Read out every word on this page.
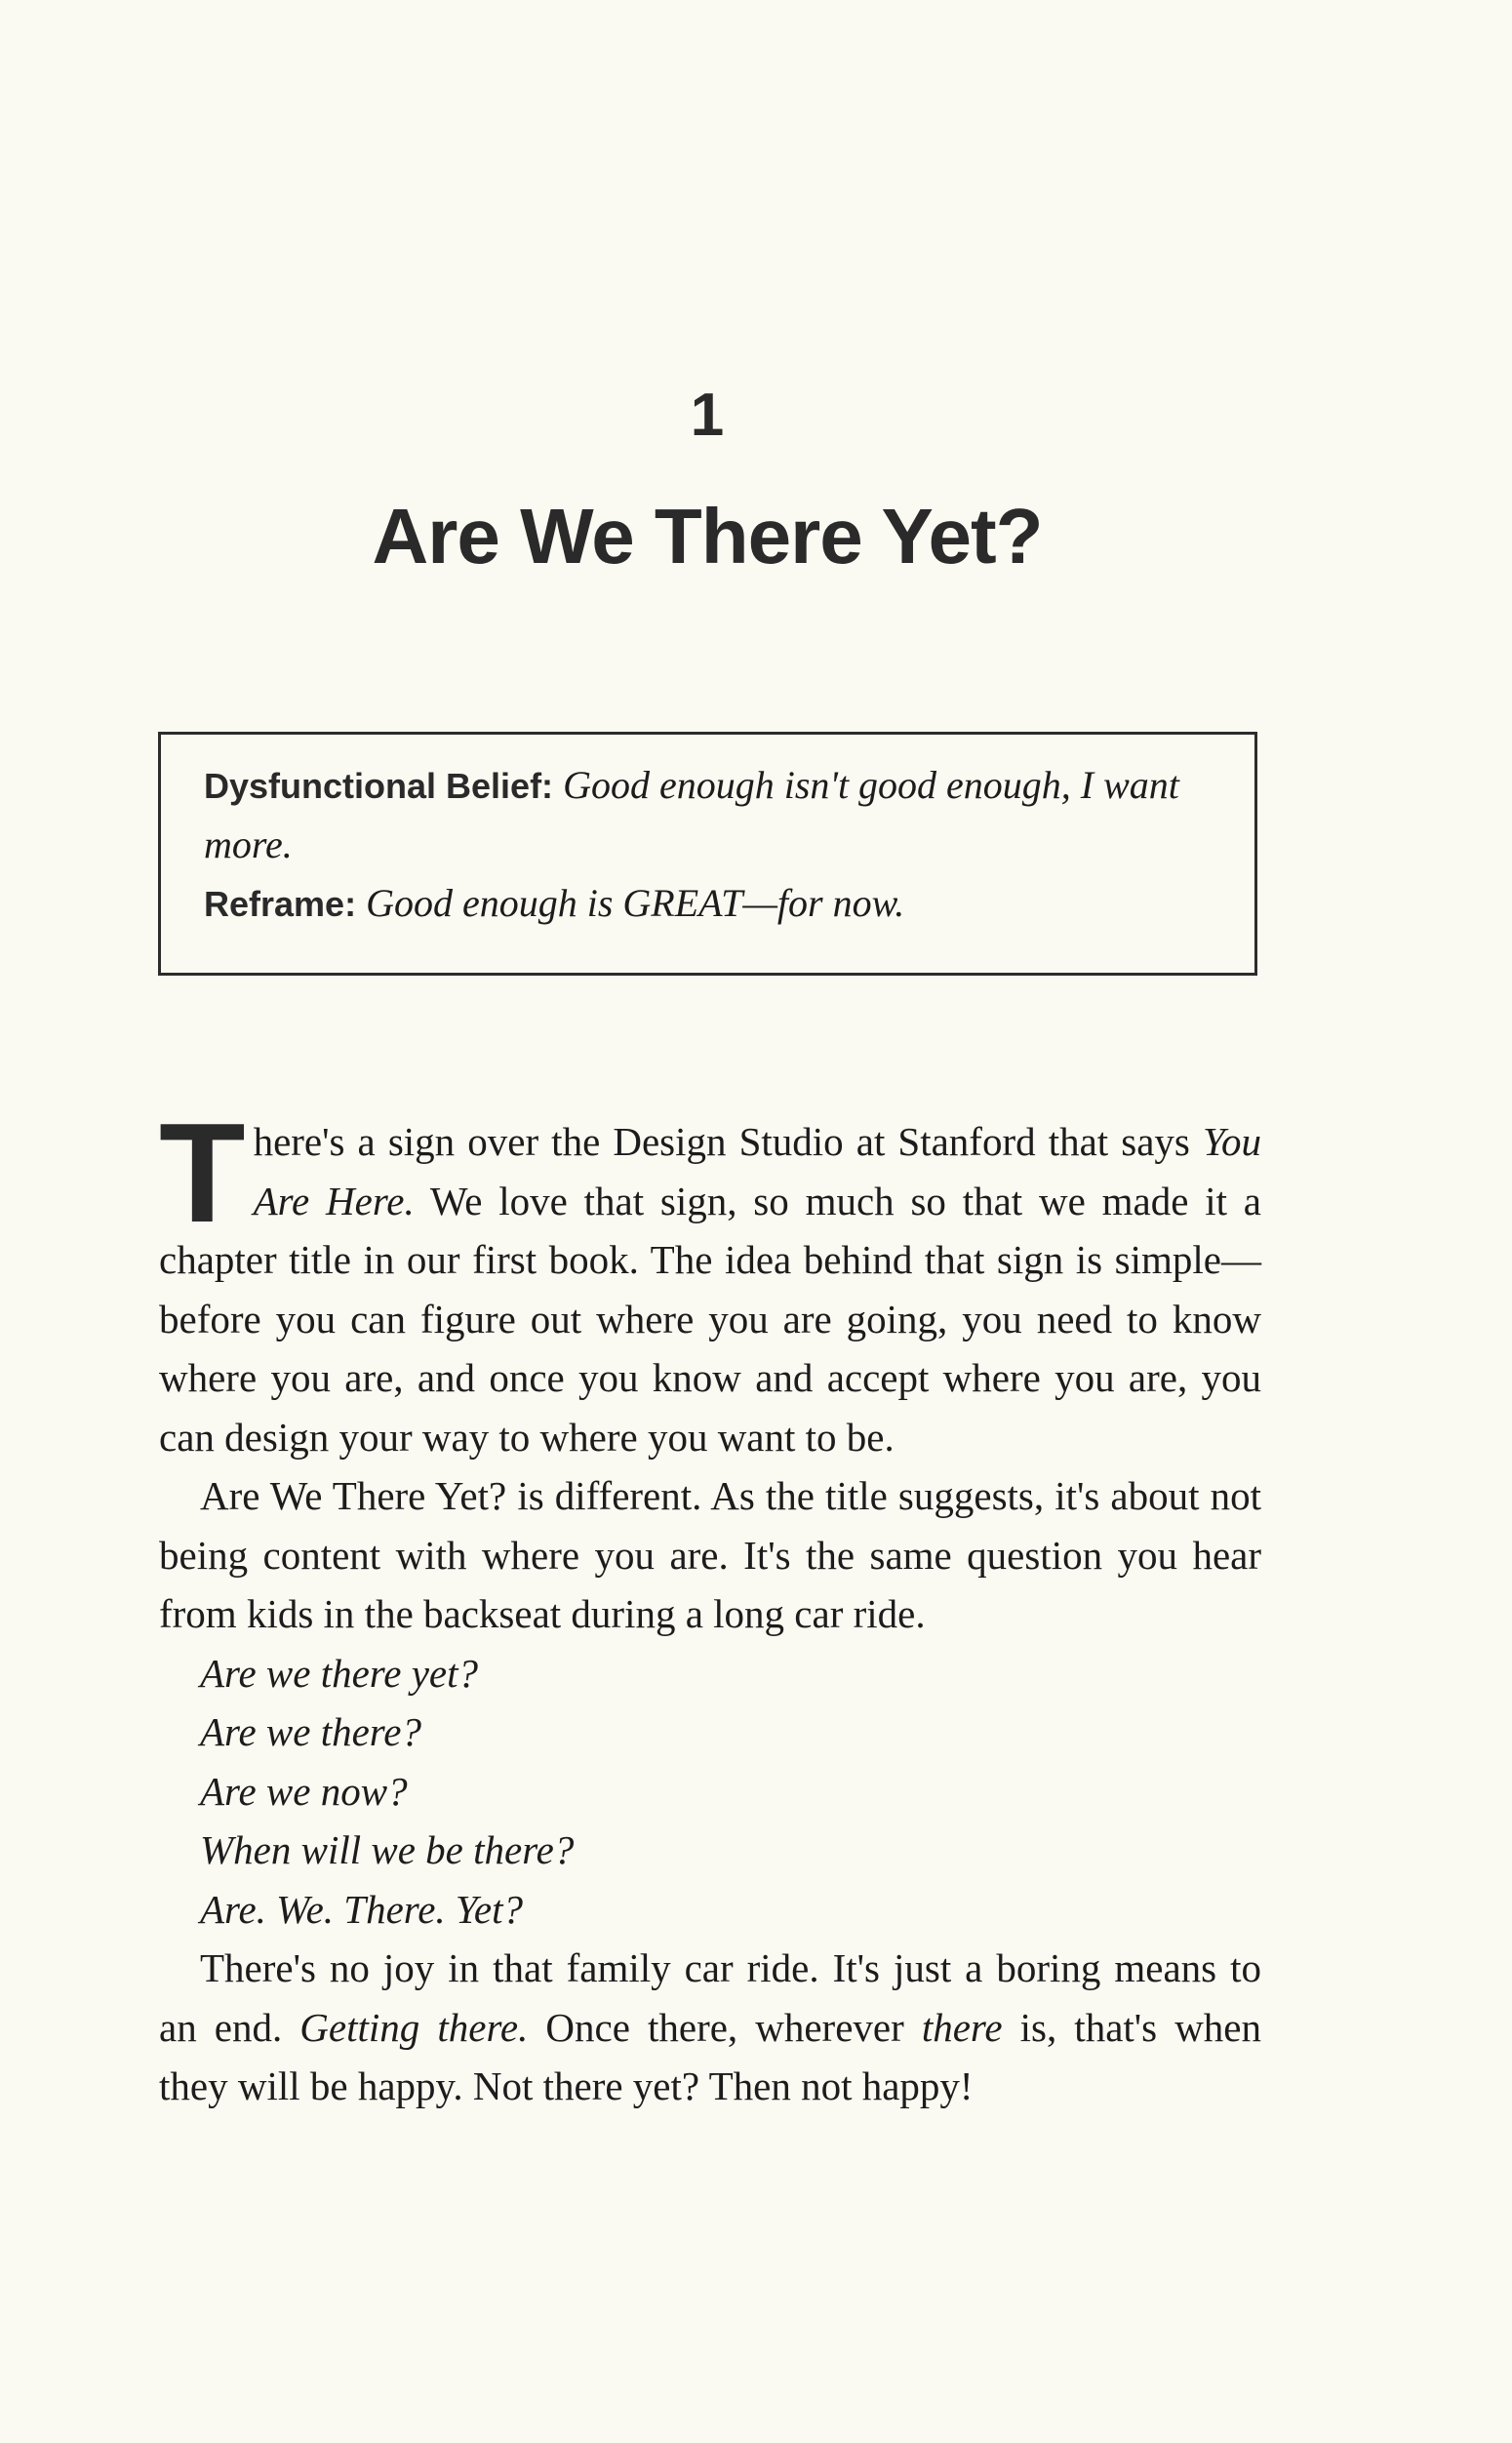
1
Are We There Yet?
Dysfunctional Belief: Good enough isn't good enough, I want more.
Reframe: Good enough is GREAT—for now.

There's a sign over the Design Studio at Stanford that says You Are Here. We love that sign, so much so that we made it a chapter title in our first book. The idea behind that sign is simple—before you can figure out where you are going, you need to know where you are, and once you know and accept where you are, you can design your way to where you want to be.

Are We There Yet? is different. As the title suggests, it's about not being content with where you are. It's the same question you hear from kids in the backseat during a long car ride.

Are we there yet?

Are we there?

Are we now?

When will we be there?

Are. We. There. Yet?

There's no joy in that family car ride. It's just a boring means to an end. Getting there. Once there, wherever there is, that's when they will be happy. Not there yet? Then not happy!
